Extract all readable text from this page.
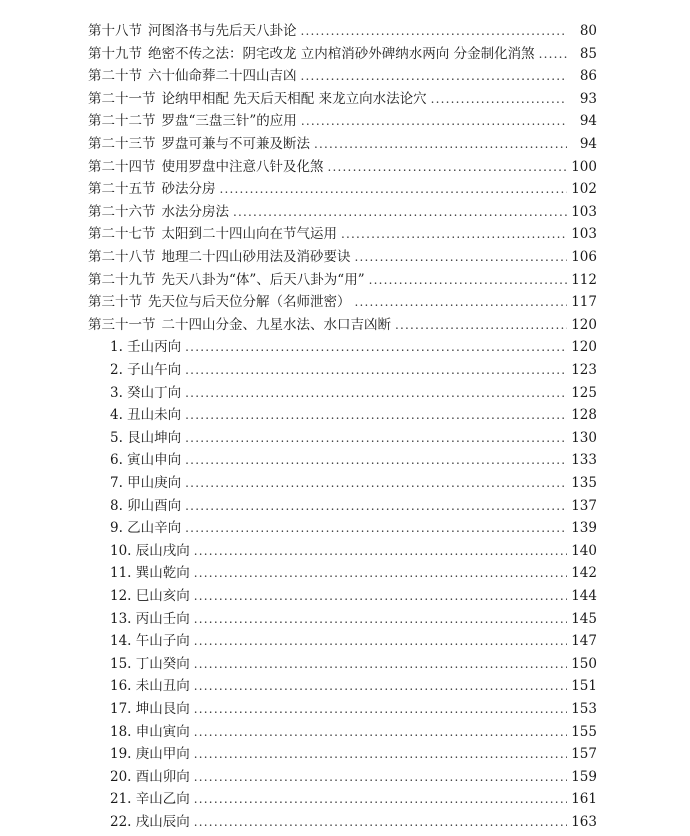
第十八节 河图洛书与先后天八卦论 .....	80
第十九节 绝密不传之法：阴宅改龙 立内棺消砂外碑纳水两向 分金制化消煞 .....	85
第二十节 六十仙命葬二十四山吉凶 .....	86
第二十一节 论纳甲相配 先天后天相配 来龙立向水法论穴 .....	93
第二十二节 罗盘“三盘三针”的应用 .....	94
第二十三节 罗盘可兼与不可兼及断法 .....	94
第二十四节 使用罗盘中注意八针及化煞 .....	100
第二十五节 砂法分房 .....	102
第二十六节 水法分房法 .....	103
第二十七节 太阳到二十四山向在节气运用 .....	103
第二十八节 地理二十四山砂用法及消砂要诀 .....	106
第二十九节 先天八卦为“体”、后天八卦为“用” .....	112
第三十节 先天位与后天位分解（名师泄密） .....	117
第三十一节 二十四山分金、九星水法、水口吉凶断 .....	120
1. 壬山丙向 .....	120
2. 子山午向 .....	123
3. 癸山丁向 .....	125
4. 丑山未向 .....	128
5. 艮山坤向 .....	130
6. 寅山申向 .....	133
7. 甲山庚向 .....	135
8. 卯山酉向 .....	137
9. 乙山辛向 .....	139
10. 辰山戌向 .....	140
11. 巽山乾向 .....	142
12. 巳山亥向 .....	144
13. 丙山壬向 .....	145
14. 午山子向 .....	147
15. 丁山癸向 .....	150
16. 未山丑向 .....	151
17. 坤山艮向 .....	153
18. 申山寅向 .....	155
19. 庚山甲向 .....	157
20. 酉山卯向 .....	159
21. 辛山乙向 .....	161
22. 戌山辰向 .....	163
